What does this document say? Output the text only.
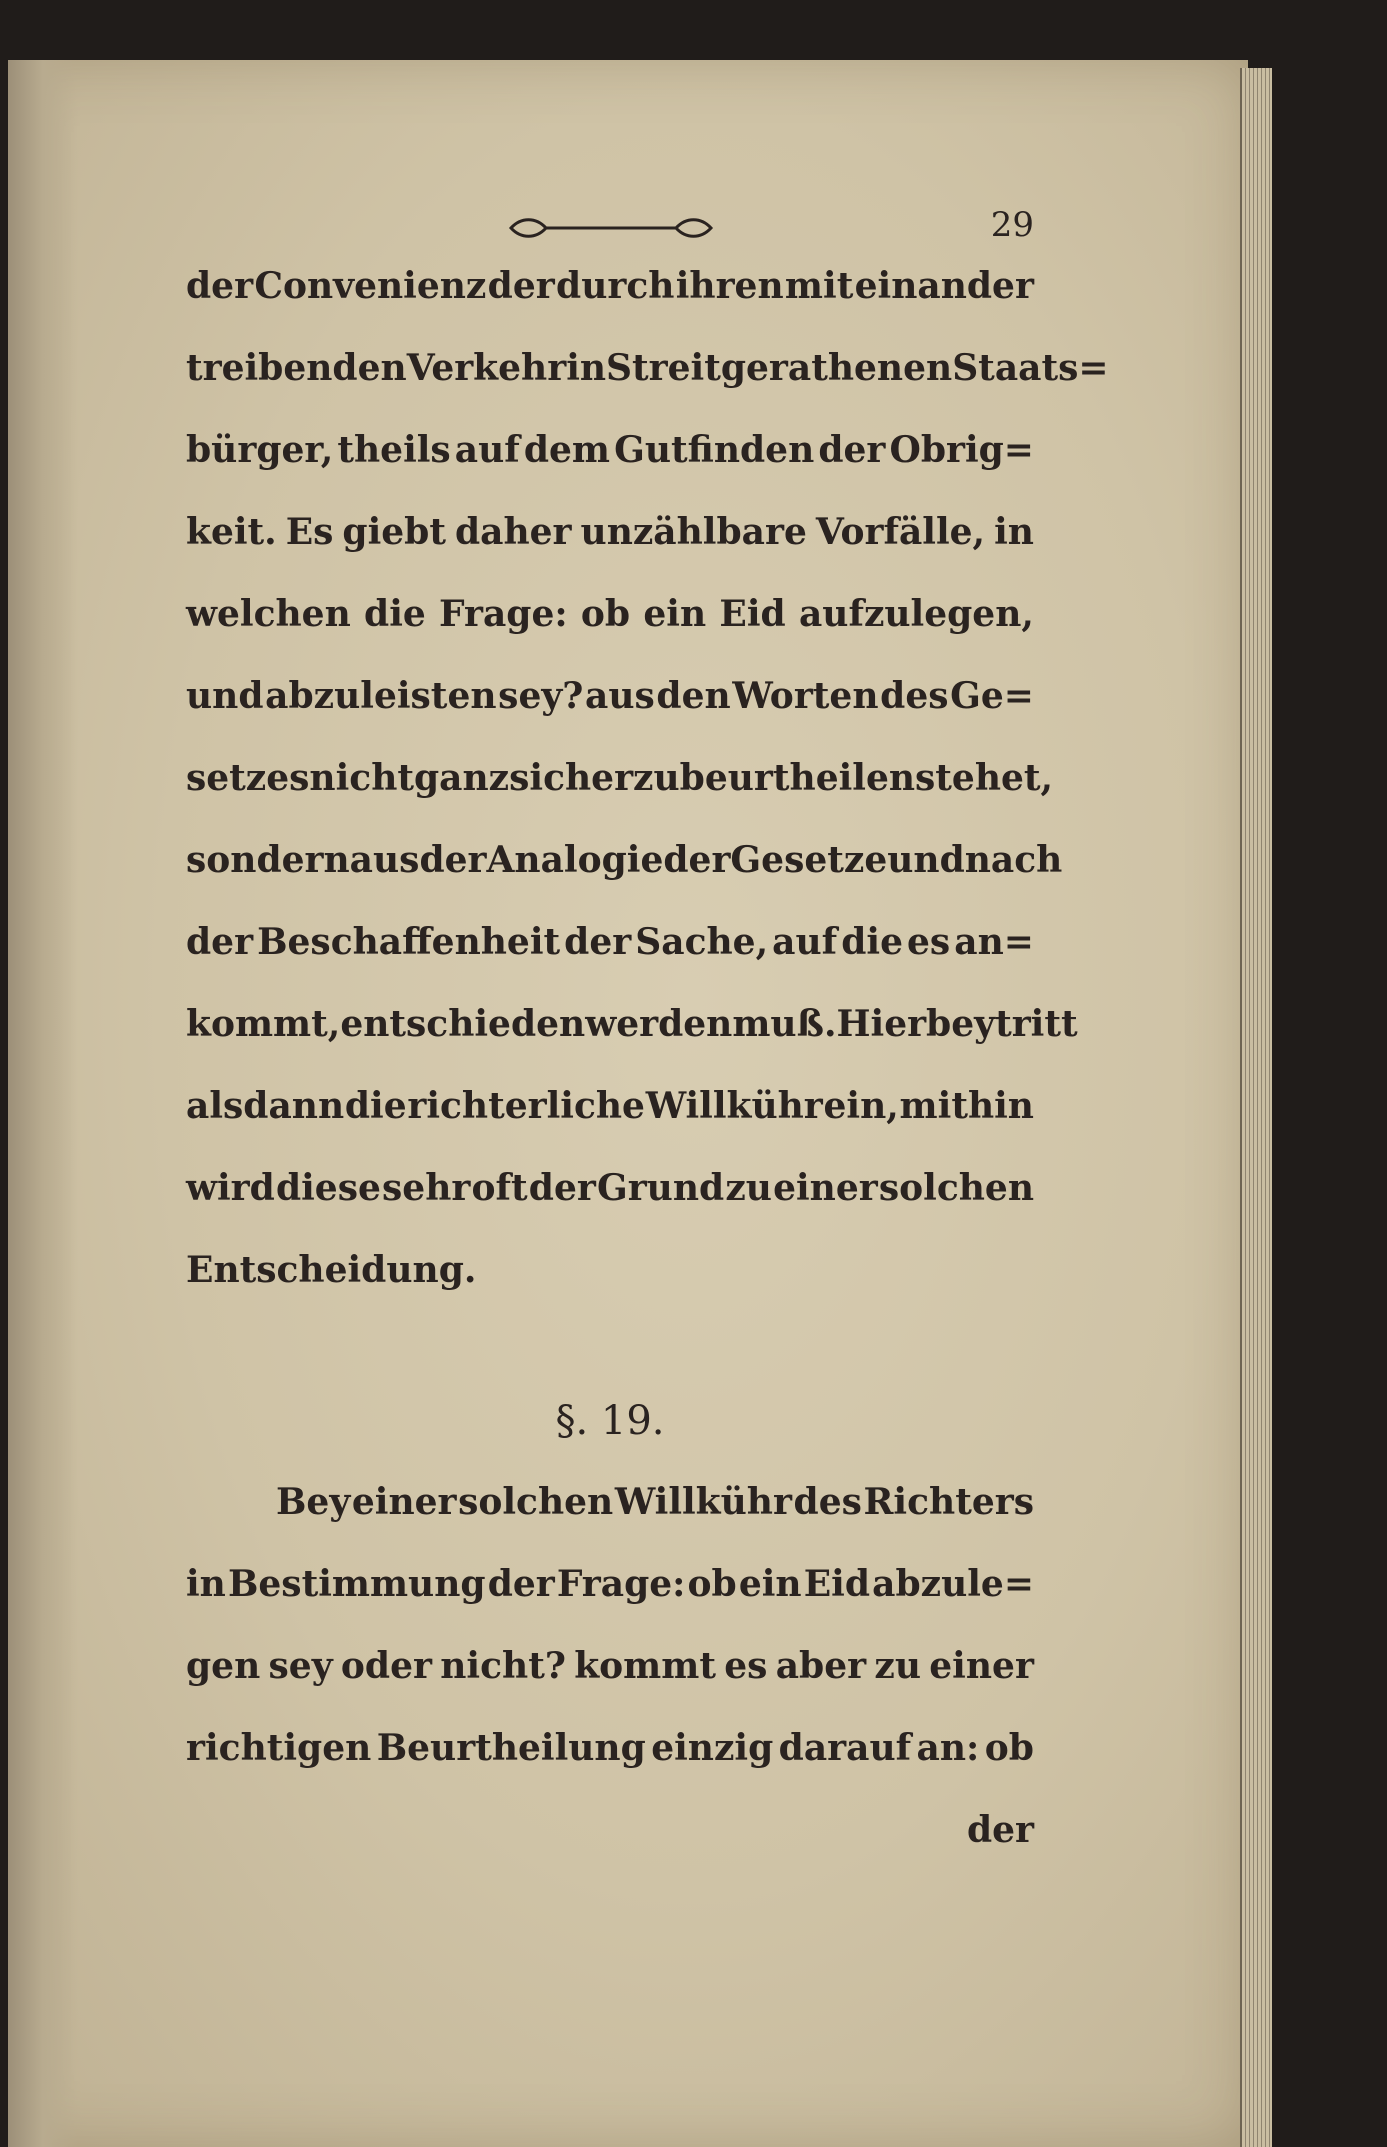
29
der Convenienz der durch ihren mit einander
treibenden Verkehr in Streit gerathenen Staats=
bürger, theils auf dem Gutfinden der Obrig=
keit. Es giebt daher unzählbare Vorfälle, in
welchen die Frage: ob ein Eid aufzulegen,
und abzuleisten sey? aus den Worten des Ge=
setzes nicht ganz sicher zu beurtheilen stehet,
sondern aus der Analogie der Gesetze und nach
der Beschaffenheit der Sache, auf die es an=
kommt, entschieden werden muß. Hierbey tritt
alsdann die richterliche Willkühr ein, mithin
wird diese sehr oft der Grund zu einer solchen
Entscheidung.
§. 19.
Bey einer solchen Willkühr des Richters
in Bestimmung der Frage: ob ein Eid abzule=
gen sey oder nicht? kommt es aber zu einer
richtigen Beurtheilung einzig darauf an: ob
der
